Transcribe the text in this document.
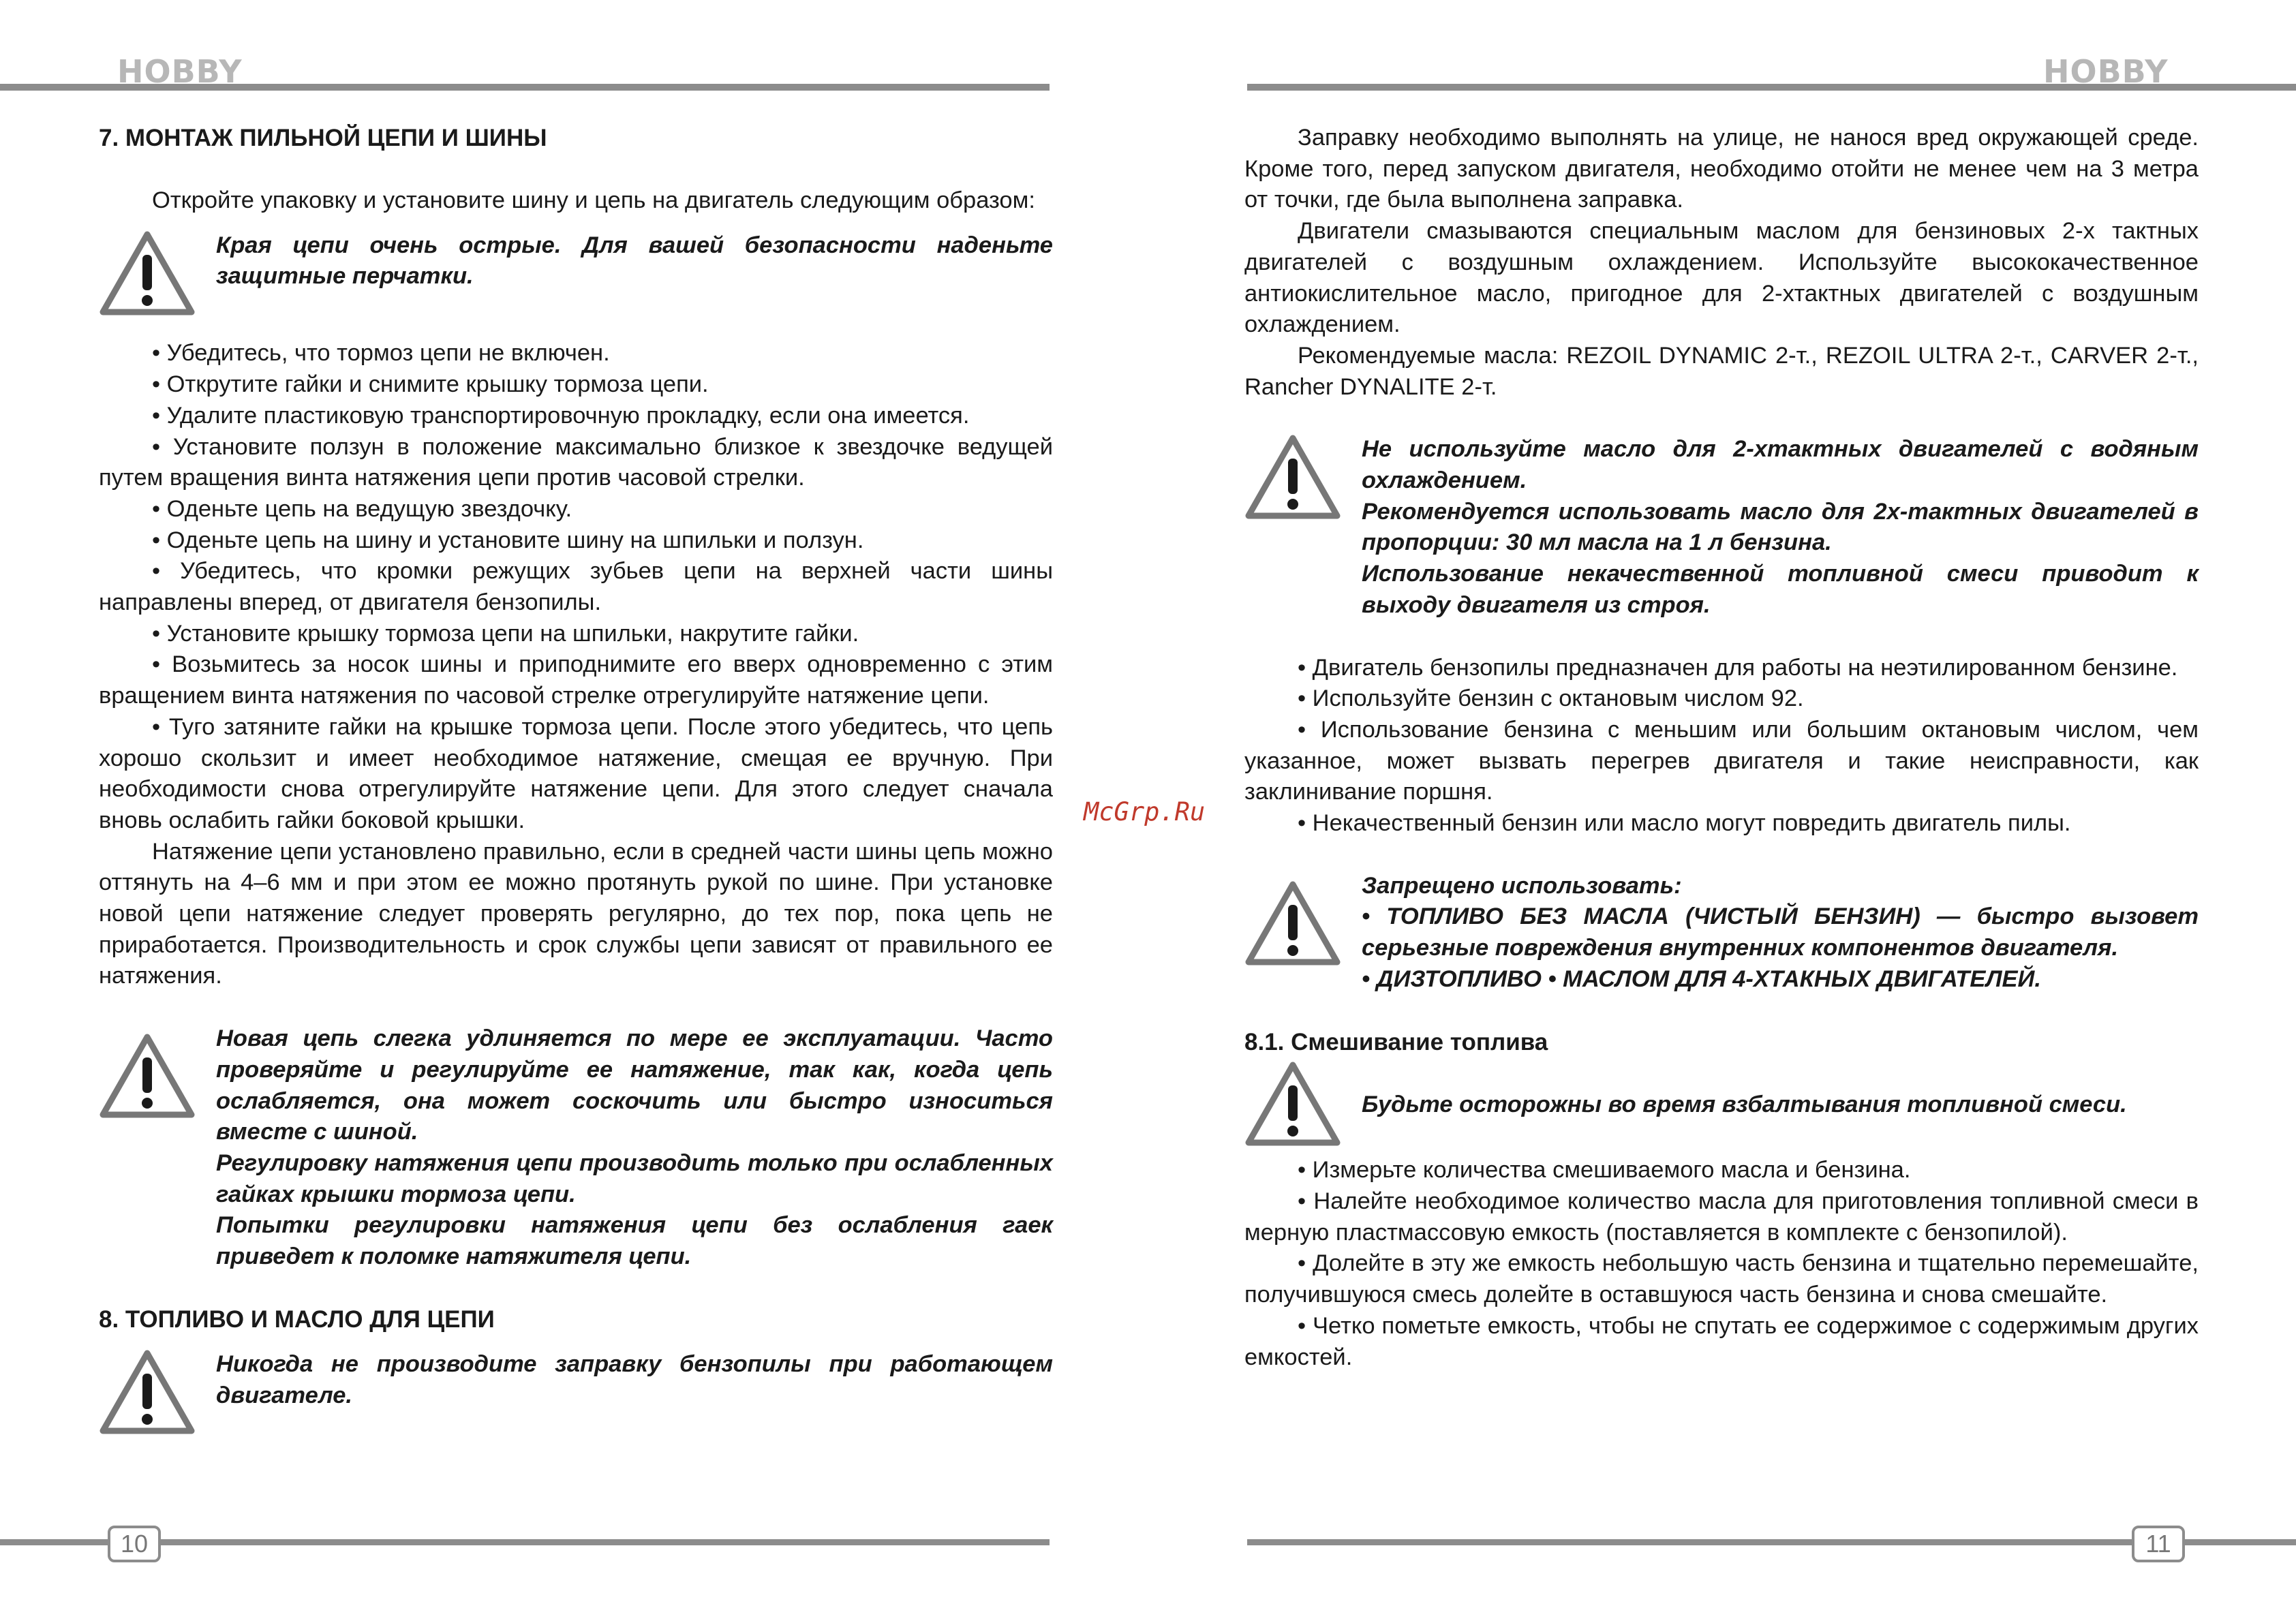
HOBBY	HOBBY
10	11
McGrp.Ru
7. МОНТАЖ ПИЛЬНОЙ ЦЕПИ И ШИНЫ

Откройте упаковку и установите шину и цепь на двигатель следующим образом:

Края цепи очень острые. Для вашей безопасности наденьте защитные перчатки.

• Убедитесь, что тормоз цепи не включен.

• Открутите гайки и снимите крышку тормоза цепи.

• Удалите пластиковую транспортировочную прокладку, если она имеется.

• Установите ползун в положение максимально близкое к звездочке ведущей путем вращения винта натяжения цепи против часовой стрелки.

• Оденьте цепь на ведущую звездочку.

• Оденьте цепь на шину и установите шину на шпильки и ползун.

• Убедитесь, что кромки режущих зубьев цепи на верхней части шины направлены вперед, от двигателя бензопилы.

• Установите крышку тормоза цепи на шпильки, накрутите гайки.

• Возьмитесь за носок шины и приподнимите его вверх одновременно с этим вращением винта натяжения по часовой стрелке отрегулируйте натяжение цепи.

• Туго затяните гайки на крышке тормоза цепи. После этого убедитесь, что цепь хорошо скользит и имеет необходимое натяжение, смещая ее вручную. При необходимости снова отрегулируйте натяжение цепи. Для этого следует сначала вновь ослабить гайки боковой крышки.

Натяжение цепи установлено правильно, если в средней части шины цепь можно оттянуть на 4–6 мм и при этом ее можно протянуть рукой по шине. При установке новой цепи натяжение следует проверять регулярно, до тех пор, пока цепь не приработается. Производительность и срок службы цепи зависят от правильного ее натяжения.

Новая цепь слегка удлиняется по мере ее эксплуатации. Часто проверяйте и регулируйте ее натяжение, так как, когда цепь ослабляется, она может соскочить или быстро износиться вместе с шиной.

Регулировку натяжения цепи производить только при ослабленных гайках крышки тормоза цепи.

Попытки регулировки натяжения цепи без ослабления гаек приведет к поломке натяжителя цепи.

8. ТОПЛИВО И МАСЛО ДЛЯ ЦЕПИ

Никогда не производите заправку бензопилы при работающем двигателе.

Заправку необходимо выполнять на улице, не нанося вред окружающей среде. Кроме того, перед запуском двигателя, необходимо отойти не менее чем на 3 метра от точки, где была выполнена заправка.

Двигатели смазываются специальным маслом для бензиновых 2-х тактных двигателей с воздушным охлаждением. Используйте высококачественное антиокислительное масло, пригодное для 2-хтактных двигателей с воздушным охлаждением.

Рекомендуемые масла: REZOIL DYNAMIC 2-т., REZOIL ULTRA 2-т., CARVER 2-т., Rancher DYNALITE 2-т.

Не используйте масло для 2-хтактных двигателей с водяным охлаждением.

Рекомендуется использовать масло для 2х-тактных двигателей в пропорции: 30 мл масла на 1 л бензина.

Использование некачественной топливной смеси приводит к выходу двигателя из строя.

• Двигатель бензопилы предназначен для работы на неэтилированном бензине.

• Используйте бензин с октановым числом 92.

• Использование бензина с меньшим или большим октановым числом, чем указанное, может вызвать перегрев двигателя и такие неисправности, как заклинивание поршня.

• Некачественный бензин или масло могут повредить двигатель пилы.

Запрещено использовать:

• ТОПЛИВО БЕЗ МАСЛА (ЧИСТЫЙ БЕНЗИН) — быстро вызовет серьезные повреждения внутренних компонентов двигателя.

• ДИЗТОПЛИВО • МАСЛОМ ДЛЯ 4-ХТАКНЫХ ДВИГАТЕЛЕЙ.

8.1. Смешивание топлива

Будьте осторожны во время взбалтывания топливной смеси.

• Измерьте количества смешиваемого масла и бензина.

• Налейте необходимое количество масла для приготовления топливной смеси в мерную пластмассовую емкость (поставляется в комплекте с бензопилой).

• Долейте в эту же емкость небольшую часть бензина и тщательно перемешайте, получившуюся смесь долейте в оставшуюся часть бензина и снова смешайте.

• Четко пометьте емкость, чтобы не спутать ее содержимое с содержимым других емкостей.
